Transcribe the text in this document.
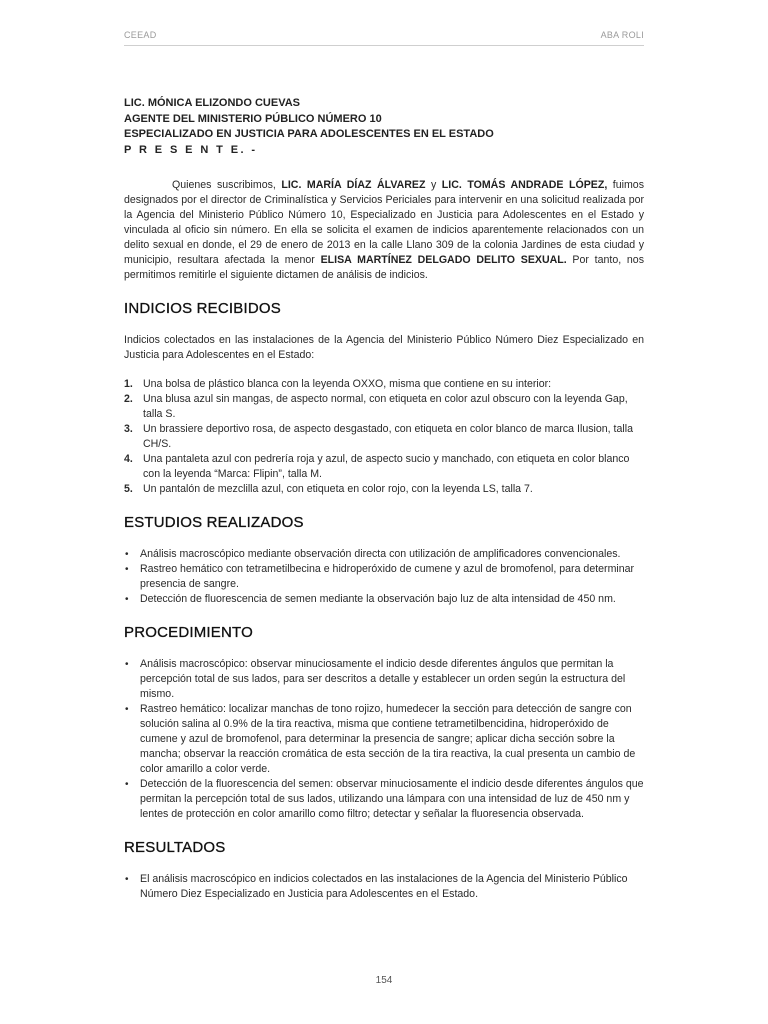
CEEAD	ABA ROLI
LIC. MÓNICA ELIZONDO CUEVAS
AGENTE DEL MINISTERIO PÚBLICO NÚMERO 10
ESPECIALIZADO EN JUSTICIA PARA ADOLESCENTES EN EL ESTADO
P R E S E N T E. -

Quienes suscribimos, LIC. MARÍA DÍAZ ÁLVAREZ y LIC. TOMÁS ANDRADE LÓPEZ, fuimos designados por el director de Criminalística y Servicios Periciales para intervenir en una solicitud realizada por la Agencia del Ministerio Público Número 10, Especializado en Justicia para Adolescentes en el Estado y vinculada al oficio sin número. En ella se solicita el examen de indicios aparentemente relacionados con un delito sexual en donde, el 29 de enero de 2013 en la calle Llano 309 de la colonia Jardines de esta ciudad y municipio, resultara afectada la menor ELISA MARTÍNEZ DELGADO DELITO SEXUAL. Por tanto, nos permitimos remitirle el siguiente dictamen de análisis de indicios.

INDICIOS RECIBIDOS

Indicios colectados en las instalaciones de la Agencia del Ministerio Público Número Diez Especializado en Justicia para Adolescentes en el Estado:

1. Una bolsa de plástico blanca con la leyenda OXXO, misma que contiene en su interior:
2. Una blusa azul sin mangas, de aspecto normal, con etiqueta en color azul obscuro con la leyenda Gap, talla S.
3. Un brassiere deportivo rosa, de aspecto desgastado, con etiqueta en color blanco de marca Ilusion, talla CH/S.
4. Una pantaleta azul con pedrería roja y azul, de aspecto sucio y manchado, con etiqueta en color blanco con la leyenda “Marca: Flipin”, talla M.
5. Un pantalón de mezclilla azul, con etiqueta en color rojo, con la leyenda LS, talla 7.
ESTUDIOS REALIZADOS
• Análisis macroscópico mediante observación directa con utilización de amplificadores convencionales.
• Rastreo hemático con tetrametilbecina e hidroperóxido de cumene y azul de bromofenol, para determinar presencia de sangre.
• Detección de fluorescencia de semen mediante la observación bajo luz de alta intensidad de 450 nm.
PROCEDIMIENTO
• Análisis macroscópico: observar minuciosamente el indicio desde diferentes ángulos que permitan la percepción total de sus lados, para ser descritos a detalle y establecer un orden según la estructura del mismo.
• Rastreo hemático: localizar manchas de tono rojizo, humedecer la sección para detección de sangre con solución salina al 0.9% de la tira reactiva, misma que contiene tetrametilbencidina, hidroperóxido de cumene y azul de bromofenol, para determinar la presencia de sangre; aplicar dicha sección sobre la mancha; observar la reacción cromática de esta sección de la tira reactiva, la cual presenta un cambio de color amarillo a color verde.
• Detección de la fluorescencia del semen: observar minuciosamente el indicio desde diferentes ángulos que permitan la percepción total de sus lados, utilizando una lámpara con una intensidad de luz de 450 nm y lentes de protección en color amarillo como filtro; detectar y señalar la fluoresencia observada.
RESULTADOS
• El análisis macroscópico en indicios colectados en las instalaciones de la Agencia del Ministerio Público Número Diez Especializado en Justicia para Adolescentes en el Estado.
154
